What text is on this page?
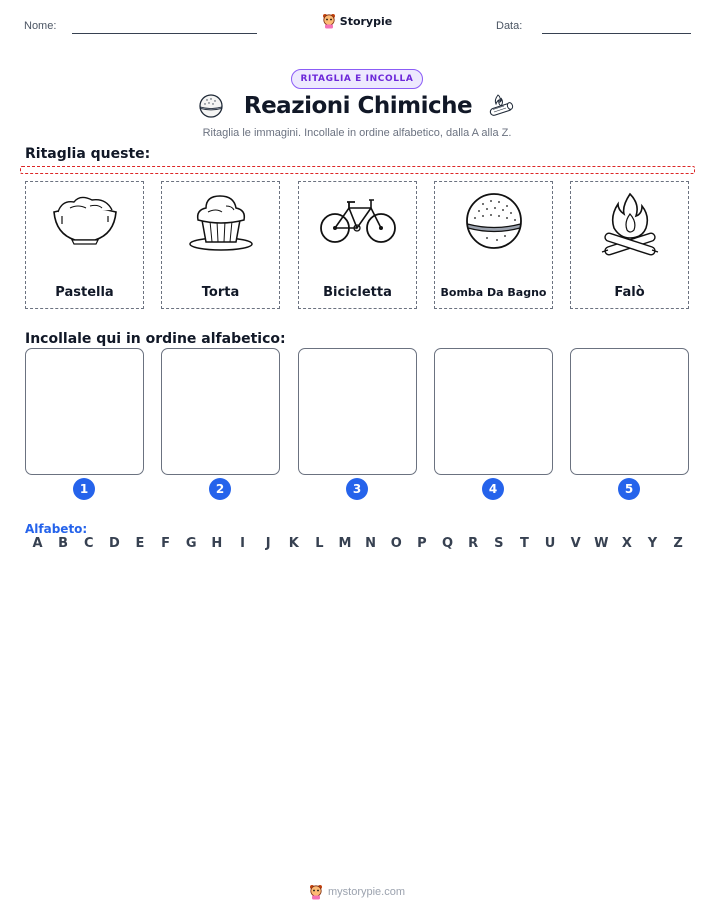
Nome:	Data:
Storypie
RITAGLIA E INCOLLA
Reazioni Chimiche
Ritaglia le immagini. Incollale in ordine alfabetico, dalla A alla Z.
Ritaglia queste:
Pastella	Torta	Bicicletta	Bomba Da Bagno	Falò
Incollale qui in ordine alfabetico:
1	2	3	4	5
Alfabeto:
A	B	C	D	E	F	G	H	I	J	K	L	M	N	O	P	Q	R	S	T	U	V	W	X	Y	Z
mystorypie.com
